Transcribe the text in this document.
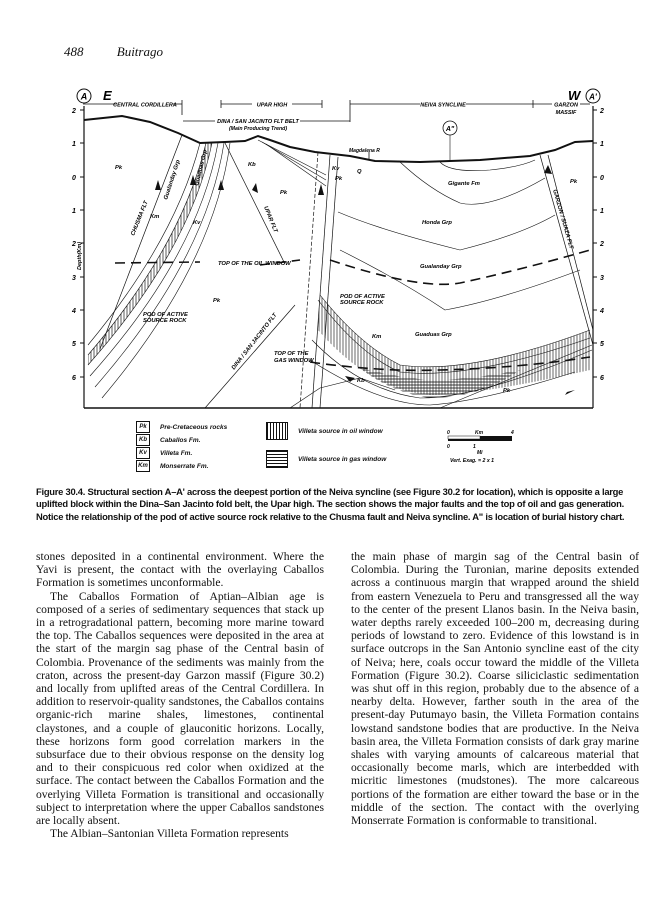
488	Buitrago
A E	W A'
CENTRAL CORDILLERA	UPAR HIGH	NEIVA SYNCLINE	GARZON
MASSIF
DINA / SAN JACINTO FLT BELT
(Main Producing Trend)
2
1
0
1
2
3
4
5
6
Depth(Km)
2
1
0
1
2
3
4
5
6
Magdalena R
A"
Pk
Pk
Kb
Kv
Pk	Pk
Pk
Pk
Q
Km
Kv
Km
Kb
Gigante Fm
Honda Grp
Gualanday Grp
Guaduas Grp
TOP OF THE OIL WINDOW
TOP OF THE
GAS WINDOW
POD OF ACTIVE
SOURCE ROCK
POD OF ACTIVE
SOURCE ROCK
CHUSMA FLT
Gualanday Grp Guaduas Grp
UPAR FLT
DINA / SAN JACINTO FLT
GARZON / SUAZA FLT
Pk	Pre-Cretaceous rocks
Kb	Caballos Fm.
Kv	Villeta Fm.
Km	Monserrate Fm.
Villeta source in oil window
Villeta source in gas window
0	Km	4
0	1
Mi
Vert. Exag. = 2 x 1
Figure 30.4. Structural section A–A' across the deepest portion of the Neiva syncline (see Figure 30.2 for location), which is opposite a large uplifted block within the Dina–San Jacinto fold belt, the Upar high. The section shows the major faults and the top of oil and gas generation. Notice the relationship of the pod of active source rock relative to the Chusma fault and Neiva syncline. A" is location of burial history chart.

stones deposited in a continental environment. Where the Yavi is present, the contact with the overlaying Caballos Formation is sometimes unconformable.

The Caballos Formation of Aptian–Albian age is composed of a series of sedimentary sequences that stack up in a retrogradational pattern, becoming more marine toward the top. The Caballos sequences were deposited in the area at the start of the margin sag phase of the Central basin of Colombia. Provenance of the sediments was mainly from the craton, across the present-day Garzon massif (Figure 30.2) and locally from uplifted areas of the Central Cordillera. In addition to reservoir-quality sandstones, the Caballos contains organic-rich marine shales, limestones, continental claystones, and a couple of glauconitic horizons. Locally, these horizons form good correlation markers in the subsurface due to their obvious response on the density log and to their conspicuous red color when oxidized at the surface. The contact between the Caballos Formation and the overlying Villeta Formation is transitional and occasionally subject to interpretation where the upper Caballos sandstones are locally absent.

The Albian–Santonian Villeta Formation represents

the main phase of margin sag of the Central basin of Colombia. During the Turonian, marine deposits extended across a continuous margin that wrapped around the shield from eastern Venezuela to Peru and transgressed all the way to the center of the present Llanos basin. In the Neiva basin, water depths rarely exceeded 100–200 m, decreasing during periods of lowstand to zero. Evidence of this lowstand is in surface outcrops in the San Antonio syncline east of the city of Neiva; here, coals occur toward the middle of the Villeta Formation (Figure 30.2). Coarse siliciclastic sedimentation was shut off in this region, probably due to the absence of a nearby delta. However, farther south in the area of the present-day Putumayo basin, the Villeta Formation contains lowstand sandstone bodies that are productive. In the Neiva basin area, the Villeta Formation consists of dark gray marine shales with varying amounts of calcareous material that occasionally become marls, which are interbedded with micritic limestones (mudstones). The more calcareous portions of the formation are either toward the base or in the middle of the section. The contact with the overlying Monserrate Formation is conformable to transitional.
